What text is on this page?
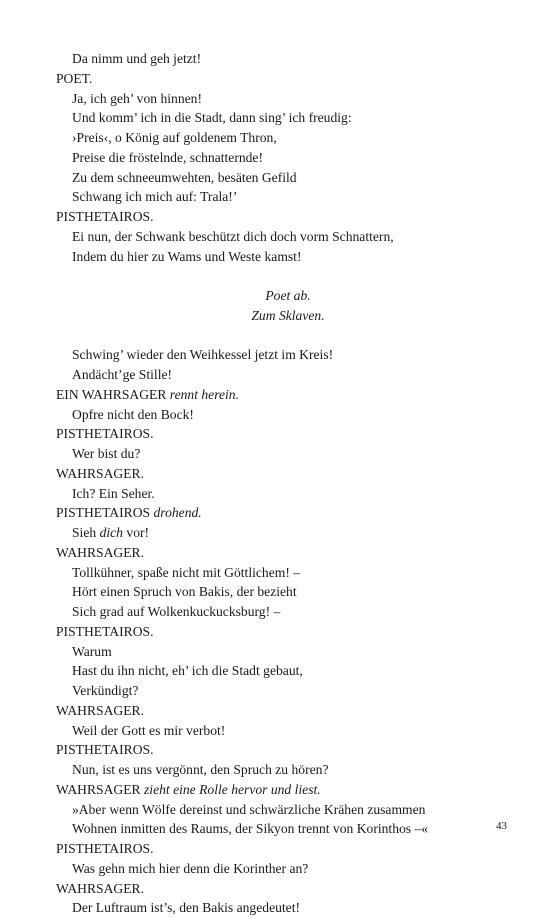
Da nimm und geh jetzt!
POET.
Ja, ich geh’ von hinnen!
Und komm’ ich in die Stadt, dann sing’ ich freudig:
›Preis‹, o König auf goldenem Thron,
Preise die fröstelnde, schnatternde!
Zu dem schneeumwehten, besäten Gefild
Schwang ich mich auf: Trala!’
PISTHETAIROS.
Ei nun, der Schwank beschützt dich doch vorm Schnattern,
Indem du hier zu Wams und Weste kamst!
Poet ab.
Zum Sklaven.
Schwing’ wieder den Weihkessel jetzt im Kreis!
Andächt’ge Stille!
EIN WAHRSAGER rennt herein.
Opfre nicht den Bock!
PISTHETAIROS.
Wer bist du?
WAHRSAGER.
Ich? Ein Seher.
PISTHETAIROS drohend.
Sieh dich vor!
WAHRSAGER.
Tollkühner, spaße nicht mit Göttlichem! –
Hört einen Spruch von Bakis, der bezieht
Sich grad auf Wolkenkuckucksburg! –
PISTHETAIROS.
Warum
Hast du ihn nicht, eh’ ich die Stadt gebaut,
Verkündigt?
WAHRSAGER.
Weil der Gott es mir verbot!
PISTHETAIROS.
Nun, ist es uns vergönnt, den Spruch zu hören?
WAHRSAGER zieht eine Rolle hervor und liest.
»Aber wenn Wölfe dereinst und schwärzliche Krähen zusammen
Wohnen inmitten des Raums, der Sikyon trennt von Korinthos –«
PISTHETAIROS.
Was gehn mich hier denn die Korinther an?
WAHRSAGER.
Der Luftraum ist’s, den Bakis angedeutet!
43
